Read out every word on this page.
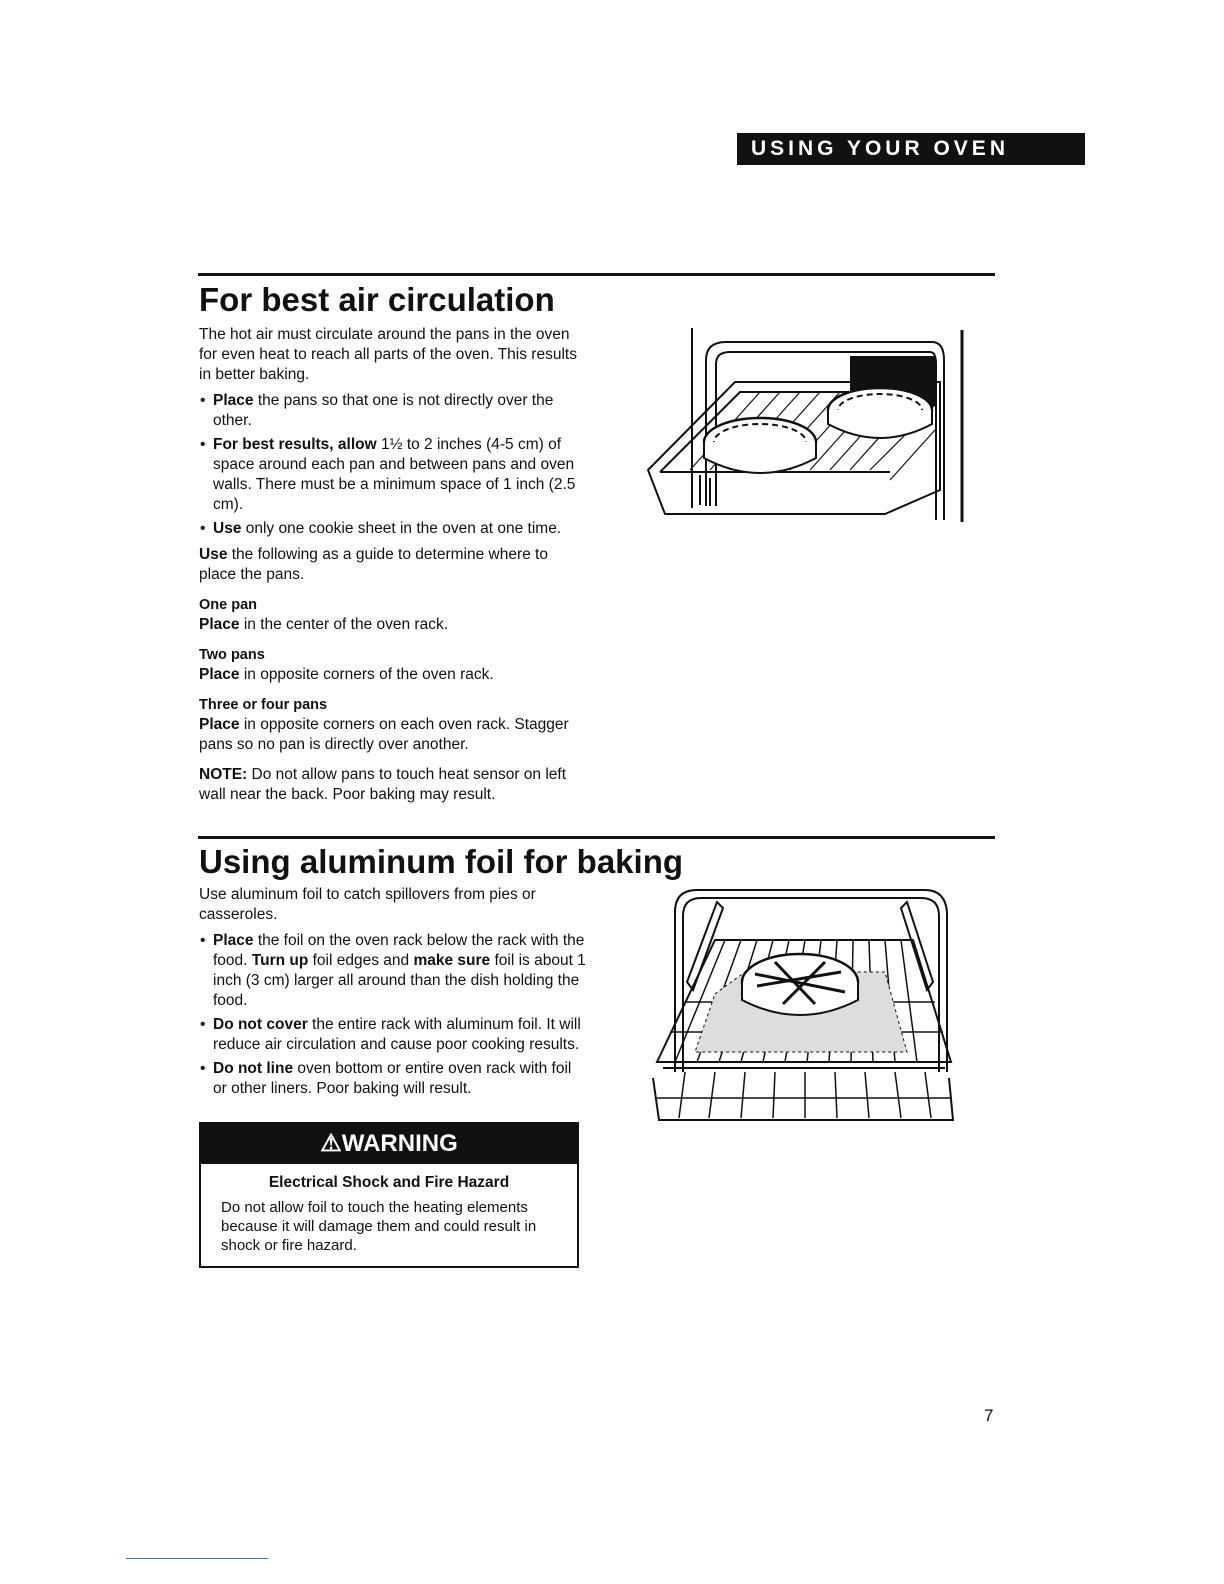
USING YOUR OVEN
For best air circulation

The hot air must circulate around the pans in the oven for even heat to reach all parts of the oven. This results in better baking.

• Place the pans so that one is not directly over the other.
• For best results, allow 1½ to 2 inches (4-5 cm) of space around each pan and between pans and oven walls. There must be a minimum space of 1 inch (2.5 cm).
• Use only one cookie sheet in the oven at one time.

Use the following as a guide to determine where to place the pans.

One pan

Place in the center of the oven rack.

Two pans

Place in opposite corners of the oven rack.

Three or four pans

Place in opposite corners on each oven rack. Stagger pans so no pan is directly over another.

NOTE: Do not allow pans to touch heat sensor on left wall near the back. Poor baking may result.

Using aluminum foil for baking

Use aluminum foil to catch spillovers from pies or casseroles.

• Place the foil on the oven rack below the rack with the food. Turn up foil edges and make sure foil is about 1 inch (3 cm) larger all around than the dish holding the food.
• Do not cover the entire rack with aluminum foil. It will reduce air circulation and cause poor cooking results.
• Do not line oven bottom or entire oven rack with foil or other liners. Poor baking will result.
⚠WARNING
Electrical Shock and Fire Hazard
Do not allow foil to touch the heating elements because it will damage them and could result in shock or fire hazard.
7
